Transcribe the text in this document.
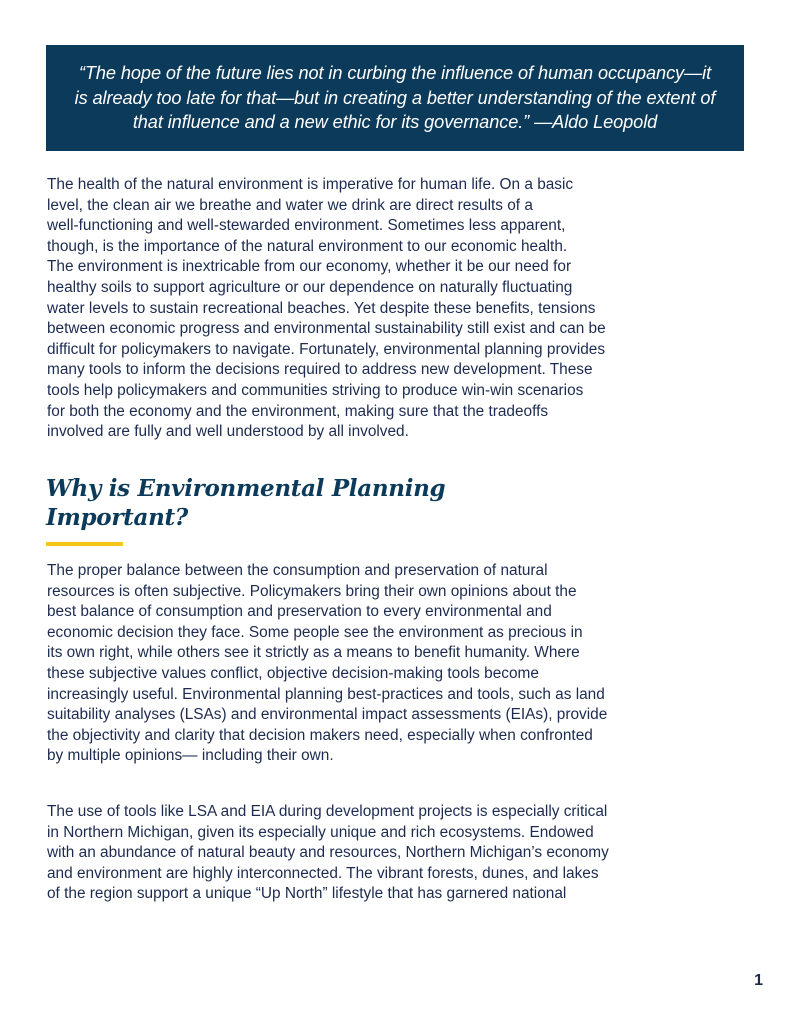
“The hope of the future lies not in curbing the influence of human occupancy—it
is already too late for that—but in creating a better understanding of the extent of
that influence and a new ethic for its governance.” —Aldo Leopold

The health of the natural environment is imperative for human life. On a basic
level, the clean air we breathe and water we drink are direct results of a
well-functioning and well-stewarded environment. Sometimes less apparent,
though, is the importance of the natural environment to our economic health.
The environment is inextricable from our economy, whether it be our need for
healthy soils to support agriculture or our dependence on naturally fluctuating
water levels to sustain recreational beaches. Yet despite these benefits, tensions
between economic progress and environmental sustainability still exist and can be
difficult for policymakers to navigate. Fortunately, environmental planning provides
many tools to inform the decisions required to address new development. These
tools help policymakers and communities striving to produce win-win scenarios
for both the economy and the environment, making sure that the tradeoffs
involved are fully and well understood by all involved.

Why is Environmental Planning
Important?

The proper balance between the consumption and preservation of natural
resources is often subjective. Policymakers bring their own opinions about the
best balance of consumption and preservation to every environmental and
economic decision they face. Some people see the environment as precious in
its own right, while others see it strictly as a means to benefit humanity. Where
these subjective values conflict, objective decision-making tools become
increasingly useful. Environmental planning best-practices and tools, such as land
suitability analyses (LSAs) and environmental impact assessments (EIAs), provide
the objectivity and clarity that decision makers need, especially when confronted
by multiple opinions— including their own.

The use of tools like LSA and EIA during development projects is especially critical
in Northern Michigan, given its especially unique and rich ecosystems. Endowed
with an abundance of natural beauty and resources, Northern Michigan’s economy
and environment are highly interconnected. The vibrant forests, dunes, and lakes
of the region support a unique “Up North” lifestyle that has garnered national

1
